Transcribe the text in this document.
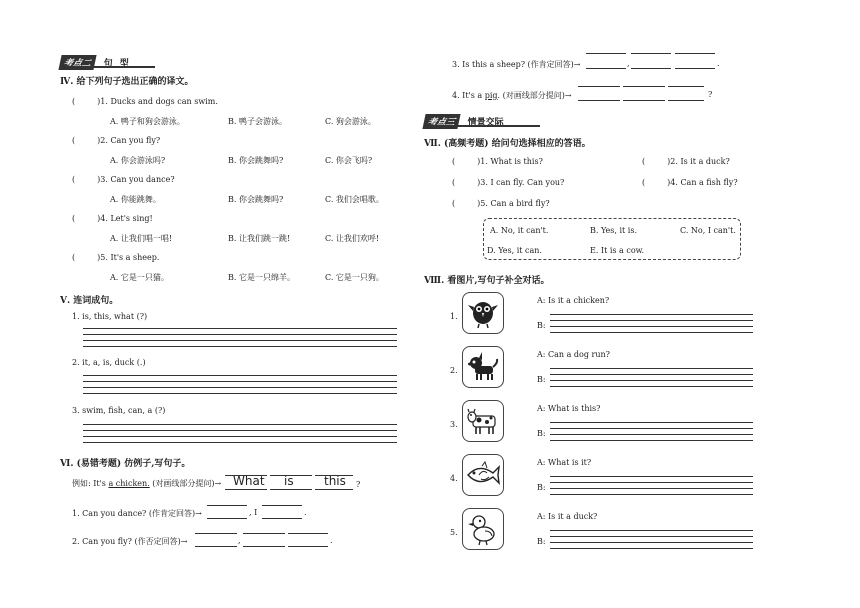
考点二 句 型
Ⅳ. 给下列句子选出正确的译文。
(	)1. Ducks and dogs can swim.
A. 鸭子和狗会游泳。	B. 鸭子会游泳。	C. 狗会游泳。
(	)2. Can you fly?
A. 你会游泳吗?	B. 你会跳舞吗?	C. 你会飞吗?
(	)3. Can you dance?
A. 你能跳舞。	B. 你会跳舞吗?	C. 我们会唱歌。
(	)4. Let's sing!
A. 让我们唱一唱!	B. 让我们跳一跳!	C. 让我们欢呼!
(	)5. It's a sheep.
A. 它是一只猫。	B. 它是一只绵羊。	C. 它是一只狗。
Ⅴ. 连词成句。
1. is, this, what (?)
2. it, a, is, duck (.)
3. swim, fish, can, a (?)
Ⅵ. (易错考题) 仿例子,写句子。
例如: It's a chicken. (对画线部分提问)→ What is	this ?
1. Can you dance? (作肯定回答)→	, I	.
2. Can you fly? (作否定回答)→	,	.
3. Is this a sheep? (作肯定回答)→	,	.
4. It's a pig. (对画线部分提问)→	?
考点三 情景交际
Ⅶ. (高频考题) 给问句选择相应的答语。
(	)1. What is this?	(	)2. Is it a duck?
(	)3. I can fly. Can you?	(	)4. Can a fish fly?
(	)5. Can a bird fly?
A. No, it can't.	B. Yes, it is.	C. No, I can't.
D. Yes, it can.	E. It is a cow.
Ⅷ. 看图片,写句子补全对话。
1.
A: Is it a chicken?
B:
2.
A: Can a dog run?
B:
3.
A: What is this?
B:
4.
A: What is it?
B:
5.
A: Is it a duck?
B:
